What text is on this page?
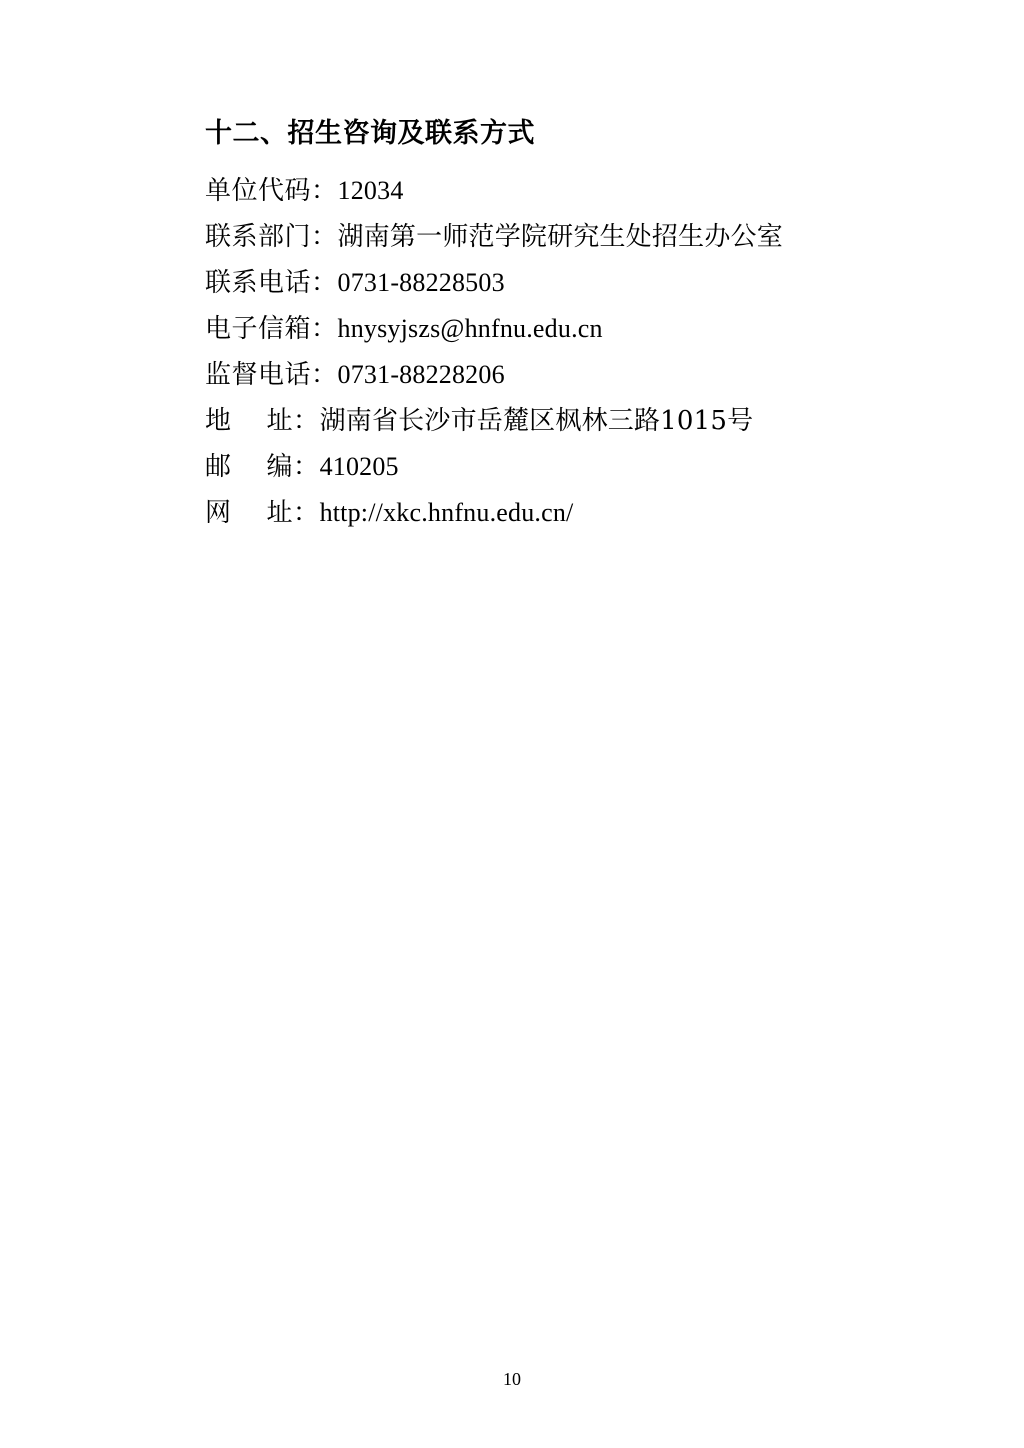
十二、招生咨询及联系方式
单位代码： 12034
联系部门： 湖南第一师范学院研究生处招生办公室
联系电话： 0731-88228503
电子信箱： hnysyjszs@hnfnu.edu.cn
监督电话： 0731-88228206
地    址： 湖南省长沙市岳麓区枫林三路1015号
邮    编： 410205
网    址： http://xkc.hnfnu.edu.cn/
10
